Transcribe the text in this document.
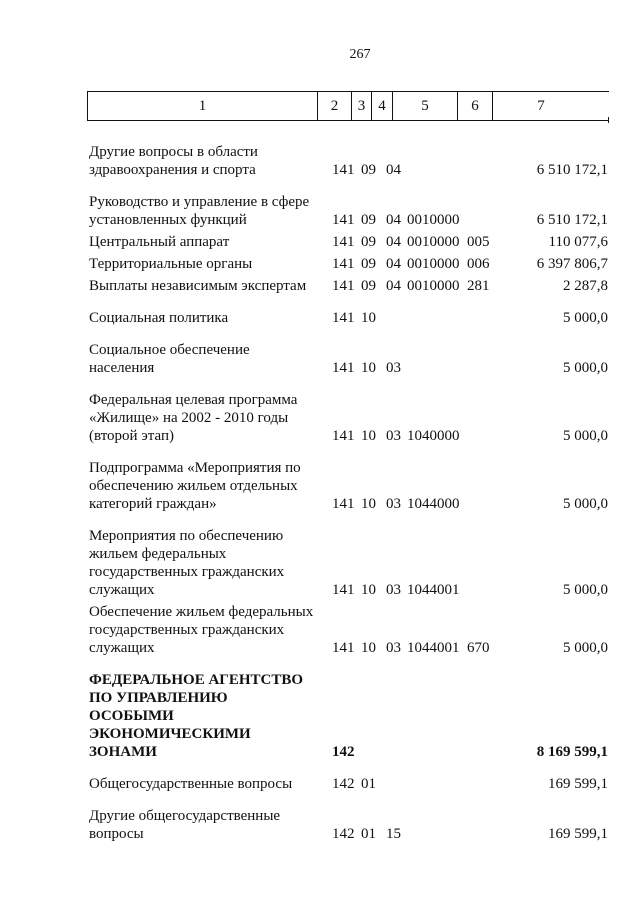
267
1	2	3 4	5	6	7
Другие вопросы в области
здравоохранения и спорта	141 09 04	6 510 172,1
Руководство и управление в сфере
установленных функций	141 09 04 0010000	6 510 172,1
Центральный аппарат	141 09 04 0010000 005	110 077,6
Территориальные органы	141 09 04 0010000 006	6 397 806,7
Выплаты независимым экспертам	141 09 04 0010000 281	2 287,8
Социальная политика	141 10	5 000,0
Социальное обеспечение
населения	141 10 03	5 000,0
Федеральная целевая программа
«Жилище» на 2002 - 2010 годы
(второй этап)	141 10 03 1040000	5 000,0
Подпрограмма «Мероприятия по
обеспечению жильем отдельных
категорий граждан»	141 10 03 1044000	5 000,0
Мероприятия по обеспечению
жильем федеральных
государственных гражданских
служащих	141 10 03 1044001	5 000,0
Обеспечение жильем федеральных
государственных гражданских
служащих	141 10 03 1044001 670	5 000,0
ФЕДЕРАЛЬНОЕ АГЕНТСТВО
ПО УПРАВЛЕНИЮ
ОСОБЫМИ
ЭКОНОМИЧЕСКИМИ
ЗОНАМИ	142	8 169 599,1
Общегосударственные вопросы	142 01	169 599,1
Другие общегосударственные
вопросы	142 01 15	169 599,1
